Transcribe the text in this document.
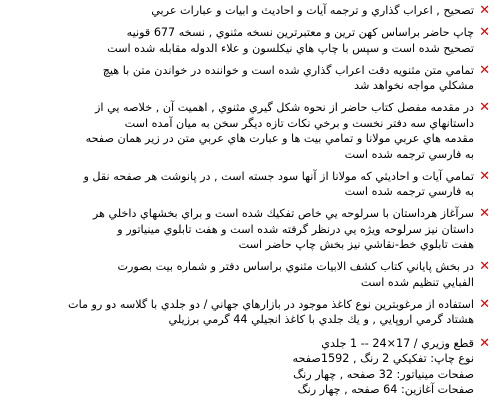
✕
تصحيح , اعراب گذاري و ترجمه آيات و احاديث و ابيات و عبارات عربي
✕
چاپ حاضر براساس كهن ترين و معتبرترين نسخه مثنوي , نسخه 677 قونيه
تصحيح شده است و سپس با چاپ هاي نيكلسون و علاء الدوله مقابله شده است
✕
تمامي متن مثنويه دقت اعراب گذاري شده است و خواننده در خواندن متن با هيچ
مشكلي مواجه نخواهد شد
✕
در مقدمه مفصل كتاب حاضر از نحوه شكل گيري مثنوي , اهميت آن , خلاصه يي از
داستانهاي سه دفتر نخست و برخي نكات تازه ديگر سخن به ميان آمده است
مقدمه هاي عربي مولانا و تمامي بيت ها و عبارت هاي عربي متن در زير همان صفحه
به فارسي ترجمه شده است
✕
تمامي آيات و احاديثي كه مولانا از آنها سود جسته است , در پانوشت هر صفحه نقل و
به فارسي ترجمه شده است
✕
سرآغاز هرداستان با سرلوحه يي خاص تفكيك شده است و براي بخشهاي داخلي هر
داستان نيز سرلوحه ويژه يي درنظر گرفته شده است و هفت تابلوي مينياتور و
هفت تابلوي خط-نقاشي نيز بخش چاپ حاضر است
✕
در بخش پاياني كتاب كشف الابيات مثنوي براساس دفتر و شماره بيت بصورت
الفبايي تنظيم شده است
✕
استفاده از مرغوبترين نوع كاغذ موجود در بازارهاي جهاني / دو جلدي با گلاسه دو رو مات
هشتاد گرمي اروپايي , و يك جلدي با كاغذ انجيلي 44 گرمي برزيلي
✕
قطع وزيري / 17×24 -- 1 جلدي
نوع چاپ: تفكيكي 2 رنگ , 1592صفحه
صفحات مينياتور: 32 صفحه , چهار رنگ
صفحات آغازين: 64 صفحه , چهار رنگ
